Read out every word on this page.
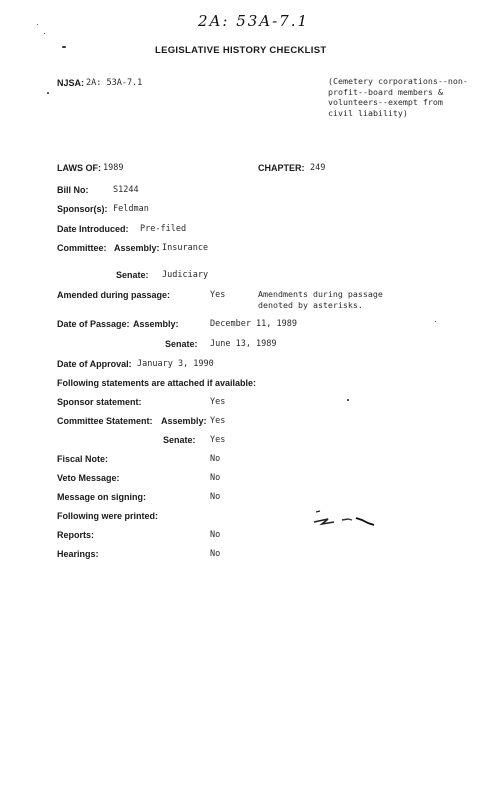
2A: 53A-7.1
LEGISLATIVE HISTORY CHECKLIST
NJSA: 2A: 53A-7.1	(Cemetery corporations--non-profit--board members & volunteers--exempt from civil liability)
LAWS OF: 1989	CHAPTER: 249
Bill No:	S1244
Sponsor(s): Feldman
Date Introduced: Pre-filed
Committee: Assembly: Insurance
Senate: Judiciary
Amended during passage:	Yes	Amendments during passage denoted by asterisks.
Date of Passage: Assembly:	December 11, 1989
Senate: June 13, 1989
Date of Approval: January 3, 1990
Following statements are attached if available:
Sponsor statement:	Yes
Committee Statement: Assembly: Yes
Senate: Yes
Fiscal Note:	No
Veto Message:	No
Message on signing:	No
Following were printed:
Reports:	No
Hearings:	No
